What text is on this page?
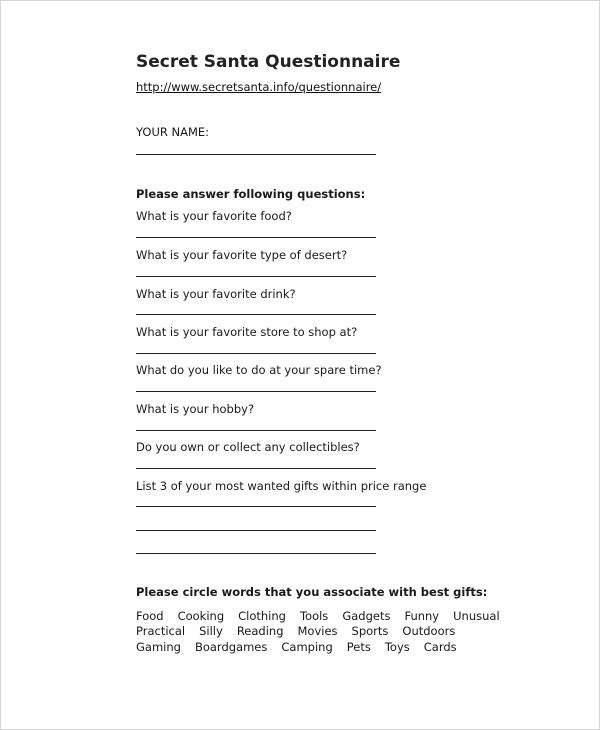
Secret Santa Questionnaire
http://www.secretsanta.info/questionnaire/
YOUR NAME:
Please answer following questions:
What is your favorite food?
What is your favorite type of desert?
What is your favorite drink?
What is your favorite store to shop at?
What do you like to do at your spare time?
What is your hobby?
Do you own or collect any collectibles?
List 3 of your most wanted gifts within price range
Please circle words that you associate with best gifts:
Food Cooking Clothing Tools Gadgets Funny Unusual
Practical Silly Reading Movies Sports Outdoors
Gaming Boardgames Camping Pets Toys Cards
